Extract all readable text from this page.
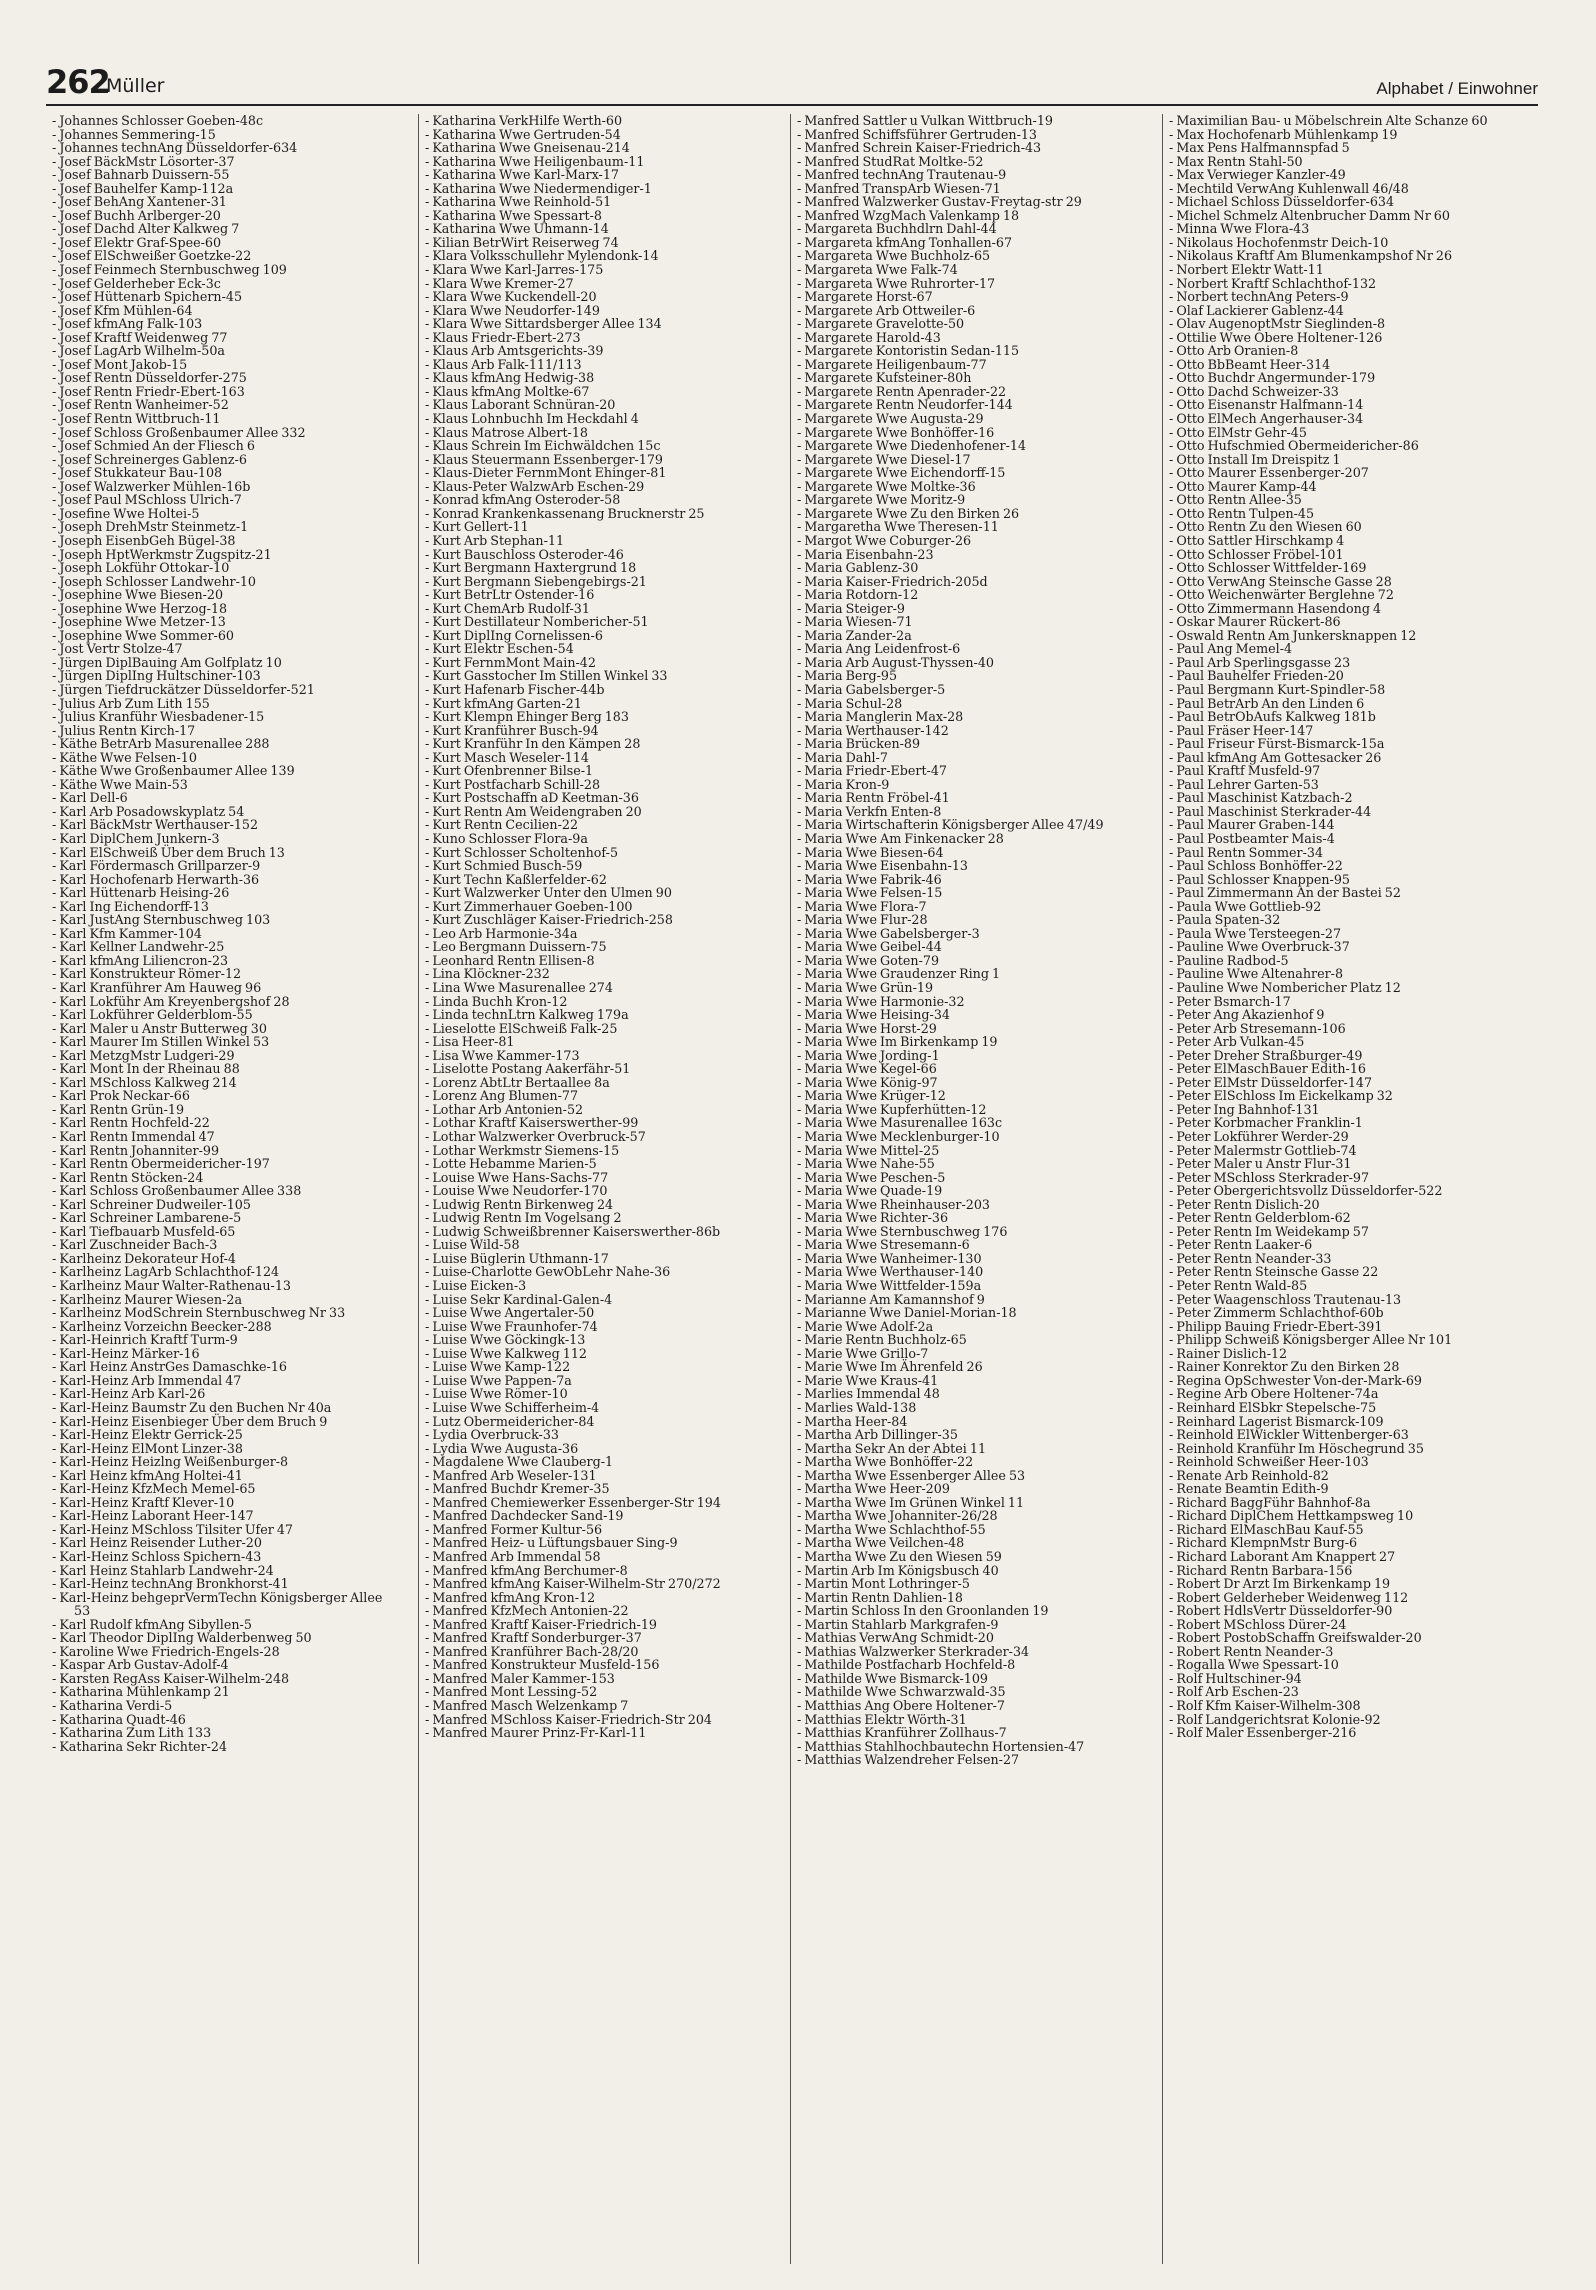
262
Müller	Alphabet / Einwohner
- Johannes Schlosser Goeben-48c
- Johannes Semmering-15
- Johannes technAng Düsseldorfer-634
- Josef BäckMstr Lösorter-37
- Josef Bahnarb Duissern-55
- Josef Bauhelfer Kamp-112a
- Josef BehAng Xantener-31
- Josef Buchh Arlberger-20
- Josef Dachd Alter Kalkweg 7
- Josef Elektr Graf-Spee-60
- Josef ElSchweißer Goetzke-22
- Josef Feinmech Sternbuschweg 109
- Josef Gelderheber Eck-3c
- Josef Hüttenarb Spichern-45
- Josef Kfm Mühlen-64
- Josef kfmAng Falk-103
- Josef Kraftf Weidenweg 77
- Josef LagArb Wilhelm-50a
- Josef Mont Jakob-15
- Josef Rentn Düsseldorfer-275
- Josef Rentn Friedr-Ebert-163
- Josef Rentn Wanheimer-52
- Josef Rentn Wittbruch-11
- Josef Schloss Großenbaumer Allee 332
- Josef Schmied An der Fliesch 6
- Josef Schreinerges Gablenz-6
- Josef Stukkateur Bau-108
- Josef Walzwerker Mühlen-16b
- Josef Paul MSchloss Ulrich-7
- Josefine Wwe Holtei-5
- Joseph DrehMstr Steinmetz-1
- Joseph EisenbGeh Bügel-38
- Joseph HptWerkmstr Zugspitz-21
- Joseph Lokführ Ottokar-10
- Joseph Schlosser Landwehr-10
- Josephine Wwe Biesen-20
- Josephine Wwe Herzog-18
- Josephine Wwe Metzer-13
- Josephine Wwe Sommer-60
- Jost Vertr Stolze-47
- Jürgen DiplBauing Am Golfplatz 10
- Jürgen DiplIng Hultschiner-103
- Jürgen Tiefdruckätzer Düsseldorfer-521
- Julius Arb Zum Lith 155
- Julius Kranführ Wiesbadener-15
- Julius Rentn Kirch-17
- Käthe BetrArb Masurenallee 288
- Käthe Wwe Felsen-10
- Käthe Wwe Großenbaumer Allee 139
- Käthe Wwe Main-53
- Karl Dell-6
- Karl Arb Posadowskyplatz 54
- Karl BäckMstr Werthauser-152
- Karl DiplChem Junkern-3
- Karl ElSchweiß Über dem Bruch 13
- Karl Fördermasch Grillparzer-9
- Karl Hochofenarb Herwarth-36
- Karl Hüttenarb Heising-26
- Karl Ing Eichendorff-13
- Karl JustAng Sternbuschweg 103
- Karl Kfm Kammer-104
- Karl Kellner Landwehr-25
- Karl kfmAng Liliencron-23
- Karl Konstrukteur Römer-12
- Karl Kranführer Am Hauweg 96
- Karl Lokführ Am Kreyenbergshof 28
- Karl Lokführer Gelderblom-55
- Karl Maler u Anstr Butterweg 30
- Karl Maurer Im Stillen Winkel 53
- Karl MetzgMstr Ludgeri-29
- Karl Mont In der Rheinau 88
- Karl MSchloss Kalkweg 214
- Karl Prok Neckar-66
- Karl Rentn Grün-19
- Karl Rentn Hochfeld-22
- Karl Rentn Immendal 47
- Karl Rentn Johanniter-99
- Karl Rentn Obermeidericher-197
- Karl Rentn Stöcken-24
- Karl Schloss Großenbaumer Allee 338
- Karl Schreiner Dudweiler-105
- Karl Schreiner Lambarene-5
- Karl Tiefbauarb Musfeld-65
- Karl Zuschneider Bach-3
- Karlheinz Dekorateur Hof-4
- Karlheinz LagArb Schlachthof-124
- Karlheinz Maur Walter-Rathenau-13
- Karlheinz Maurer Wiesen-2a
- Karlheinz ModSchrein Sternbuschweg Nr 33
- Karlheinz Vorzeichn Beecker-288
- Karl-Heinrich Kraftf Turm-9
- Karl-Heinz Märker-16
- Karl Heinz AnstrGes Damaschke-16
- Karl-Heinz Arb Immendal 47
- Karl-Heinz Arb Karl-26
- Karl-Heinz Baumstr Zu den Buchen Nr 40a
- Karl-Heinz Eisenbieger Über dem Bruch 9
- Karl-Heinz Elektr Gerrick-25
- Karl-Heinz ElMont Linzer-38
- Karl-Heinz Heizlng Weißenburger-8
- Karl Heinz kfmAng Holtei-41
- Karl-Heinz KfzMech Memel-65
- Karl-Heinz Kraftf Klever-10
- Karl-Heinz Laborant Heer-147
- Karl-Heinz MSchloss Tilsiter Ufer 47
- Karl Heinz Reisender Luther-20
- Karl-Heinz Schloss Spichern-43
- Karl Heinz Stahlarb Landwehr-24
- Karl-Heinz technAng Bronkhorst-41
- Karl-Heinz behgeprVermTechn Königsberger Allee 53
- Karl Rudolf kfmAng Sibyllen-5
- Karl Theodor DiplIng Walderbenweg 50
- Karoline Wwe Friedrich-Engels-28
- Kaspar Arb Gustav-Adolf-4
- Karsten RegAss Kaiser-Wilhelm-248
- Katharina Mühlenkamp 21
- Katharina Verdi-5
- Katharina Quadt-46
- Katharina Zum Lith 133
- Katharina Sekr Richter-24
- Katharina VerkHilfe Werth-60
- Katharina Wwe Gertruden-54
- Katharina Wwe Gneisenau-214
- Katharina Wwe Heiligenbaum-11
- Katharina Wwe Karl-Marx-17
- Katharina Wwe Niedermendiger-1
- Katharina Wwe Reinhold-51
- Katharina Wwe Spessart-8
- Katharina Wwe Uhmann-14
- Kilian BetrWirt Reiserweg 74
- Klara Volksschullehr Mylendonk-14
- Klara Wwe Karl-Jarres-175
- Klara Wwe Kremer-27
- Klara Wwe Kuckendell-20
- Klara Wwe Neudorfer-149
- Klara Wwe Sittardsberger Allee 134
- Klaus Friedr-Ebert-273
- Klaus Arb Amtsgerichts-39
- Klaus Arb Falk-111/113
- Klaus kfmAng Hedwig-38
- Klaus kfmAng Moltke-67
- Klaus Laborant Schnüran-20
- Klaus Lohnbuchh Im Heckdahl 4
- Klaus Matrose Albert-18
- Klaus Schrein Im Eichwäldchen 15c
- Klaus Steuermann Essenberger-179
- Klaus-Dieter FernmMont Ehinger-81
- Klaus-Peter WalzwArb Eschen-29
- Konrad kfmAng Osteroder-58
- Konrad Krankenkassenang Brucknerstr 25
- Kurt Gellert-11
- Kurt Arb Stephan-11
- Kurt Bauschloss Osteroder-46
- Kurt Bergmann Haxtergrund 18
- Kurt Bergmann Siebengebirgs-21
- Kurt BetrLtr Ostender-16
- Kurt ChemArb Rudolf-31
- Kurt Destillateur Nombericher-51
- Kurt DiplIng Cornelissen-6
- Kurt Elektr Eschen-54
- Kurt FernmMont Main-42
- Kurt Gasstocher Im Stillen Winkel 33
- Kurt Hafenarb Fischer-44b
- Kurt kfmAng Garten-21
- Kurt Klempn Ehinger Berg 183
- Kurt Kranführer Busch-94
- Kurt Kranführ In den Kämpen 28
- Kurt Masch Weseler-114
- Kurt Ofenbrenner Bilse-1
- Kurt Postfacharb Schill-28
- Kurt Postschaffn aD Keetman-36
- Kurt Rentn Am Weidengraben 20
- Kurt Rentn Cecilien-22
- Kuno Schlosser Flora-9a
- Kurt Schlosser Scholtenhof-5
- Kurt Schmied Busch-59
- Kurt Techn Kaßlerfelder-62
- Kurt Walzwerker Unter den Ulmen 90
- Kurt Zimmerhauer Goeben-100
- Kurt Zuschläger Kaiser-Friedrich-258
- Leo Arb Harmonie-34a
- Leo Bergmann Duissern-75
- Leonhard Rentn Ellisen-8
- Lina Klöckner-232
- Lina Wwe Masurenallee 274
- Linda Buchh Kron-12
- Linda technLtrn Kalkweg 179a
- Lieselotte ElSchweiß Falk-25
- Lisa Heer-81
- Lisa Wwe Kammer-173
- Liselotte Postang Aakerfähr-51
- Lorenz AbtLtr Bertaallee 8a
- Lorenz Ang Blumen-77
- Lothar Arb Antonien-52
- Lothar Kraftf Kaiserswerther-99
- Lothar Walzwerker Overbruck-57
- Lothar Werkmstr Siemens-15
- Lotte Hebamme Marien-5
- Louise Wwe Hans-Sachs-77
- Louise Wwe Neudorfer-170
- Ludwig Rentn Birkenweg 24
- Ludwig Rentn Im Vogelsang 2
- Ludwig Schweißbrenner Kaiserswerther-86b
- Luise Wild-58
- Luise Büglerin Uthmann-17
- Luise-Charlotte GewObLehr Nahe-36
- Luise Eicken-3
- Luise Sekr Kardinal-Galen-4
- Luise Wwe Angertaler-50
- Luise Wwe Fraunhofer-74
- Luise Wwe Göckingk-13
- Luise Wwe Kalkweg 112
- Luise Wwe Kamp-122
- Luise Wwe Pappen-7a
- Luise Wwe Römer-10
- Luise Wwe Schifferheim-4
- Lutz Obermeidericher-84
- Lydia Overbruck-33
- Lydia Wwe Augusta-36
- Magdalene Wwe Clauberg-1
- Manfred Arb Weseler-131
- Manfred Buchdr Kremer-35
- Manfred Chemiewerker Essenberger-Str 194
- Manfred Dachdecker Sand-19
- Manfred Former Kultur-56
- Manfred Heiz- u Lüftungsbauer Sing-9
- Manfred Arb Immendal 58
- Manfred kfmAng Berchumer-8
- Manfred kfmAng Kaiser-Wilhelm-Str 270/272
- Manfred kfmAng Kron-12
- Manfred KfzMech Antonien-22
- Manfred Kraftf Kaiser-Friedrich-19
- Manfred Kraftf Sonderburger-37
- Manfred Kranführer Bach-28/20
- Manfred Konstrukteur Musfeld-156
- Manfred Maler Kammer-153
- Manfred Mont Lessing-52
- Manfred Masch Welzenkamp 7
- Manfred MSchloss Kaiser-Friedrich-Str 204
- Manfred Maurer Prinz-Fr-Karl-11
- Manfred Sattler u Vulkan Wittbruch-19
- Manfred Schiffsführer Gertruden-13
- Manfred Schrein Kaiser-Friedrich-43
- Manfred StudRat Moltke-52
- Manfred technAng Trautenau-9
- Manfred TranspArb Wiesen-71
- Manfred Walzwerker Gustav-Freytag-str 29
- Manfred WzgMach Valenkamp 18
- Margareta Buchhdlrn Dahl-44
- Margareta kfmAng Tonhallen-67
- Margareta Wwe Buchholz-65
- Margareta Wwe Falk-74
- Margareta Wwe Ruhrorter-17
- Margarete Horst-67
- Margarete Arb Ottweiler-6
- Margarete Gravelotte-50
- Margarete Harold-43
- Margarete Kontoristin Sedan-115
- Margarete Heiligenbaum-77
- Margarete Kufsteiner-80h
- Margarete Rentn Apenrader-22
- Margarete Rentn Neudorfer-144
- Margarete Wwe Augusta-29
- Margarete Wwe Bonhöffer-16
- Margarete Wwe Diedenhofener-14
- Margarete Wwe Diesel-17
- Margarete Wwe Eichendorff-15
- Margarete Wwe Moltke-36
- Margarete Wwe Moritz-9
- Margarete Wwe Zu den Birken 26
- Margaretha Wwe Theresen-11
- Margot Wwe Coburger-26
- Maria Eisenbahn-23
- Maria Gablenz-30
- Maria Kaiser-Friedrich-205d
- Maria Rotdorn-12
- Maria Steiger-9
- Maria Wiesen-71
- Maria Zander-2a
- Maria Ang Leidenfrost-6
- Maria Arb August-Thyssen-40
- Maria Berg-95
- Maria Gabelsberger-5
- Maria Schul-28
- Maria Manglerin Max-28
- Maria Werthauser-142
- Maria Brücken-89
- Maria Dahl-7
- Maria Friedr-Ebert-47
- Maria Kron-9
- Maria Rentn Fröbel-41
- Maria Verkfn Enten-8
- Maria Wirtschafterin Königsberger Allee 47/49
- Maria Wwe Am Finkenacker 28
- Maria Wwe Biesen-64
- Maria Wwe Eisenbahn-13
- Maria Wwe Fabrik-46
- Maria Wwe Felsen-15
- Maria Wwe Flora-7
- Maria Wwe Flur-28
- Maria Wwe Gabelsberger-3
- Maria Wwe Geibel-44
- Maria Wwe Goten-79
- Maria Wwe Graudenzer Ring 1
- Maria Wwe Grün-19
- Maria Wwe Harmonie-32
- Maria Wwe Heising-34
- Maria Wwe Horst-29
- Maria Wwe Im Birkenkamp 19
- Maria Wwe Jording-1
- Maria Wwe Kegel-66
- Maria Wwe König-97
- Maria Wwe Krüger-12
- Maria Wwe Kupferhütten-12
- Maria Wwe Masurenallee 163c
- Maria Wwe Mecklenburger-10
- Maria Wwe Mittel-25
- Maria Wwe Nahe-55
- Maria Wwe Peschen-5
- Maria Wwe Quade-19
- Maria Wwe Rheinhauser-203
- Maria Wwe Richter-36
- Maria Wwe Sternbuschweg 176
- Maria Wwe Stresemann-6
- Maria Wwe Wanheimer-130
- Maria Wwe Werthauser-140
- Maria Wwe Wittfelder-159a
- Marianne Am Kamannshof 9
- Marianne Wwe Daniel-Morian-18
- Marie Wwe Adolf-2a
- Marie Rentn Buchholz-65
- Marie Wwe Grillo-7
- Marie Wwe Im Ährenfeld 26
- Marie Wwe Kraus-41
- Marlies Immendal 48
- Marlies Wald-138
- Martha Heer-84
- Martha Arb Dillinger-35
- Martha Sekr An der Abtei 11
- Martha Wwe Bonhöffer-22
- Martha Wwe Essenberger Allee 53
- Martha Wwe Heer-209
- Martha Wwe Im Grünen Winkel 11
- Martha Wwe Johanniter-26/28
- Martha Wwe Schlachthof-55
- Martha Wwe Veilchen-48
- Martha Wwe Zu den Wiesen 59
- Martin Arb Im Königsbusch 40
- Martin Mont Lothringer-5
- Martin Rentn Dahlien-18
- Martin Schloss In den Groonlanden 19
- Martin Stahlarb Markgrafen-9
- Mathias VerwAng Schmidt-20
- Mathias Walzwerker Sterkrader-34
- Mathilde Postfacharb Hochfeld-8
- Mathilde Wwe Bismarck-109
- Mathilde Wwe Schwarzwald-35
- Matthias Ang Obere Holtener-7
- Matthias Elektr Wörth-31
- Matthias Kranführer Zollhaus-7
- Matthias Stahlhochbautechn Hortensien-47
- Matthias Walzendreher Felsen-27
- Maximilian Bau- u Möbelschrein Alte Schanze 60
- Max Hochofenarb Mühlenkamp 19
- Max Pens Halfmannspfad 5
- Max Rentn Stahl-50
- Max Verwieger Kanzler-49
- Mechtild VerwAng Kuhlenwall 46/48
- Michael Schloss Düsseldorfer-634
- Michel Schmelz Altenbrucher Damm Nr 60
- Minna Wwe Flora-43
- Nikolaus Hochofenmstr Deich-10
- Nikolaus Kraftf Am Blumenkampshof Nr 26
- Norbert Elektr Watt-11
- Norbert Kraftf Schlachthof-132
- Norbert technAng Peters-9
- Olaf Lackierer Gablenz-44
- Olav AugenoptMstr Sieglinden-8
- Ottilie Wwe Obere Holtener-126
- Otto Arb Oranien-8
- Otto BbBeamt Heer-314
- Otto Buchdr Angermunder-179
- Otto Dachd Schweizer-33
- Otto Eisenanstr Halfmann-14
- Otto ElMech Angerhauser-34
- Otto ElMstr Gehr-45
- Otto Hufschmied Obermeidericher-86
- Otto Install Im Dreispitz 1
- Otto Maurer Essenberger-207
- Otto Maurer Kamp-44
- Otto Rentn Allee-35
- Otto Rentn Tulpen-45
- Otto Rentn Zu den Wiesen 60
- Otto Sattler Hirschkamp 4
- Otto Schlosser Fröbel-101
- Otto Schlosser Wittfelder-169
- Otto VerwAng Steinsche Gasse 28
- Otto Weichenwärter Berglehne 72
- Otto Zimmermann Hasendong 4
- Oskar Maurer Rückert-86
- Oswald Rentn Am Junkersknappen 12
- Paul Ang Memel-4
- Paul Arb Sperlingsgasse 23
- Paul Bauhelfer Frieden-20
- Paul Bergmann Kurt-Spindler-58
- Paul BetrArb An den Linden 6
- Paul BetrObAufs Kalkweg 181b
- Paul Fräser Heer-147
- Paul Friseur Fürst-Bismarck-15a
- Paul kfmAng Am Gottesacker 26
- Paul Kraftf Musfeld-97
- Paul Lehrer Garten-53
- Paul Maschinist Katzbach-2
- Paul Maschinist Sterkrader-44
- Paul Maurer Graben-144
- Paul Postbeamter Mais-4
- Paul Rentn Sommer-34
- Paul Schloss Bonhöffer-22
- Paul Schlosser Knappen-95
- Paul Zimmermann An der Bastei 52
- Paula Wwe Gottlieb-92
- Paula Spaten-32
- Paula Wwe Tersteegen-27
- Pauline Wwe Overbruck-37
- Pauline Radbod-5
- Pauline Wwe Altenahrer-8
- Pauline Wwe Nombericher Platz 12
- Peter Bsmarch-17
- Peter Ang Akazienhof 9
- Peter Arb Stresemann-106
- Peter Arb Vulkan-45
- Peter Dreher Straßburger-49
- Peter ElMaschBauer Edith-16
- Peter ElMstr Düsseldorfer-147
- Peter ElSchloss Im Eickelkamp 32
- Peter Ing Bahnhof-131
- Peter Korbmacher Franklin-1
- Peter Lokführer Werder-29
- Peter Malermstr Gottlieb-74
- Peter Maler u Anstr Flur-31
- Peter MSchloss Sterkrader-97
- Peter Obergerichtsvollz Düsseldorfer-522
- Peter Rentn Dislich-20
- Peter Rentn Gelderblom-62
- Peter Rentn Im Weidekamp 57
- Peter Rentn Laaker-6
- Peter Rentn Neander-33
- Peter Rentn Steinsche Gasse 22
- Peter Rentn Wald-85
- Peter Waagenschloss Trautenau-13
- Peter Zimmerm Schlachthof-60b
- Philipp Bauing Friedr-Ebert-391
- Philipp Schweiß Königsberger Allee Nr 101
- Rainer Dislich-12
- Rainer Konrektor Zu den Birken 28
- Regina OpSchwester Von-der-Mark-69
- Regine Arb Obere Holtener-74a
- Reinhard ElSbkr Stepelsche-75
- Reinhard Lagerist Bismarck-109
- Reinhold ElWickler Wittenberger-63
- Reinhold Kranführ Im Höschegrund 35
- Reinhold Schweißer Heer-103
- Renate Arb Reinhold-82
- Renate Beamtin Edith-9
- Richard BaggFühr Bahnhof-8a
- Richard DiplChem Hettkampsweg 10
- Richard ElMaschBau Kauf-55
- Richard KlempnMstr Burg-6
- Richard Laborant Am Knappert 27
- Richard Rentn Barbara-156
- Robert Dr Arzt Im Birkenkamp 19
- Robert Gelderheber Weidenweg 112
- Robert HdlsVertr Düsseldorfer-90
- Robert MSchloss Dürer-24
- Robert PostobSchaffn Greifswalder-20
- Robert Rentn Neander-3
- Rogalla Wwe Spessart-10
- Rolf Hultschiner-94
- Rolf Arb Eschen-23
- Rolf Kfm Kaiser-Wilhelm-308
- Rolf Landgerichtsrat Kolonie-92
- Rolf Maler Essenberger-216
